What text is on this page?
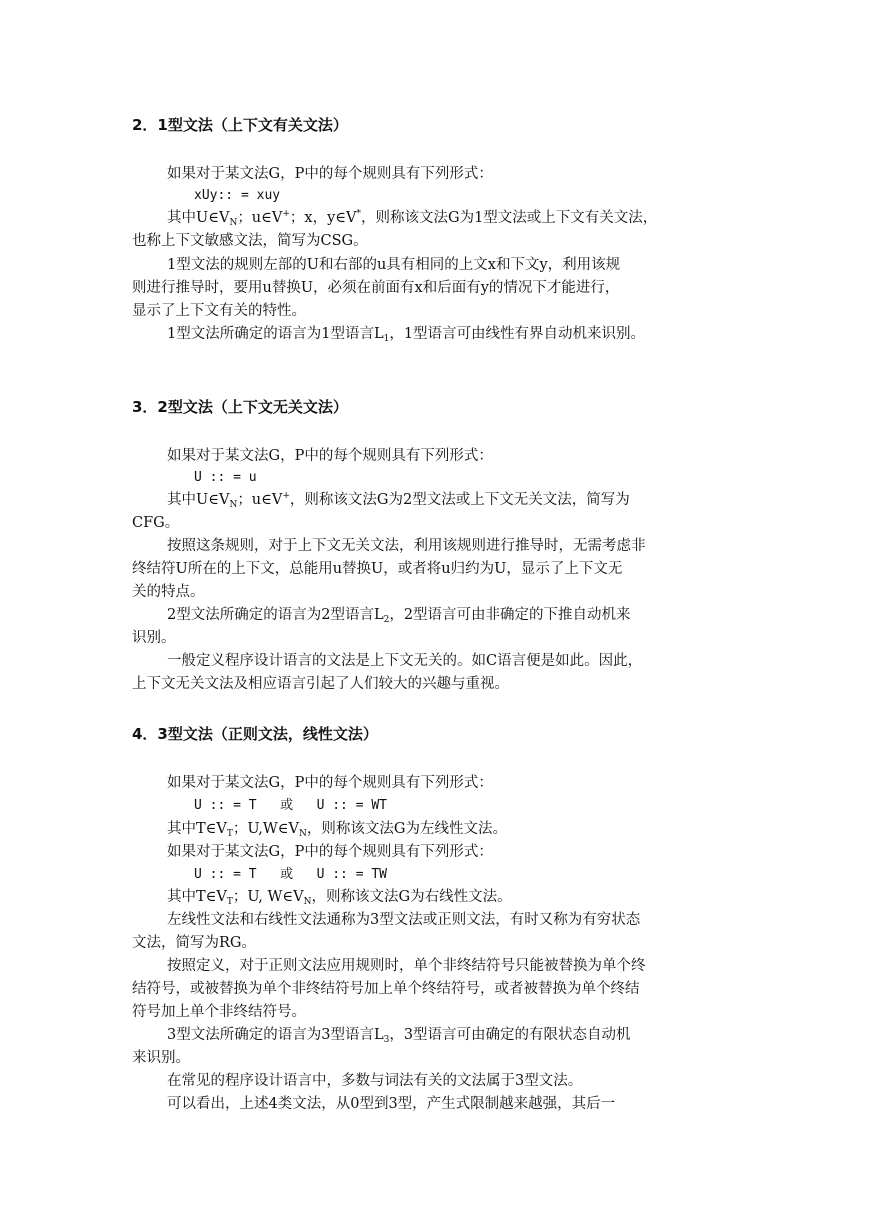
2．1型文法（上下文有关文法）
如果对于某文法G，P中的每个规则具有下列形式：
xUy:: = xuy
其中$U\in V_N$；u∈V+；x，y∈V*，则称该文法G为1型文法或上下文有关文法，
也称上下文敏感文法，简写为CSG。
1型文法的规则左部的U和右部的u具有相同的上文x和下文y，利用该规
则进行推导时，要用u替换U，必须在前面有x和后面有y的情况下才能进行，
显示了上下文有关的特性。
1型文法所确定的语言为1型语言$L_1$，1型语言可由线性有界自动机来识别。
3．2型文法（上下文无关文法）
如果对于某文法G，P中的每个规则具有下列形式：
U :: = u
其中$U\in V_N$；u∈V+，则称该文法G为2型文法或上下文无关文法，简写为
CFG。
按照这条规则，对于上下文无关文法，利用该规则进行推导时，无需考虑非
终结符U所在的上下文，总能用u替换U，或者将u归约为U，显示了上下文无
关的特点。
2型文法所确定的语言为2型语言$L_2$，2型语言可由非确定的下推自动机来
识别。
一般定义程序设计语言的文法是上下文无关的。如C语言便是如此。因此，
上下文无关文法及相应语言引起了人们较大的兴趣与重视。
4．3型文法（正则文法，线性文法）
如果对于某文法G，P中的每个规则具有下列形式：
U :: = T   或   U :: = WT
其中$T\in V_T$；$U,W\in V_N$，则称该文法G为左线性文法。
如果对于某文法G，P中的每个规则具有下列形式：
U :: = T   或   U :: = TW
其中$T\in V_T$；U, $W\in V_N$，则称该文法G为右线性文法。
左线性文法和右线性文法通称为3型文法或正则文法，有时又称为有穷状态
文法，简写为RG。
按照定义，对于正则文法应用规则时，单个非终结符号只能被替换为单个终
结符号，或被替换为单个非终结符号加上单个终结符号，或者被替换为单个终结
符号加上单个非终结符号。
3型文法所确定的语言为3型语言$L_3$，3型语言可由确定的有限状态自动机
来识别。
在常见的程序设计语言中，多数与词法有关的文法属于3型文法。
可以看出，上述4类文法，从0型到3型，产生式限制越来越强，其后一
